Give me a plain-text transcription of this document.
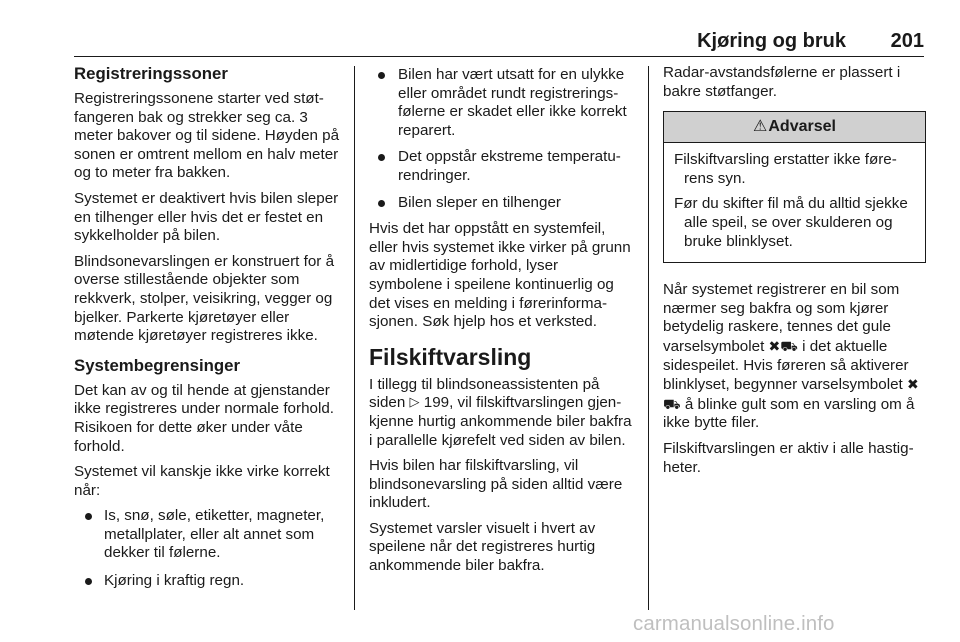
Kjøring og bruk 201
Registreringssoner

Registreringssonene starter ved støt-fangeren bak og strekker seg ca. 3 meter bakover og til sidene. Høyden på sonen er omtrent mellom en halv meter og to meter fra bakken.

Systemet er deaktivert hvis bilen sleper en tilhenger eller hvis det er festet en sykkelholder på bilen.

Blindsonevarslingen er konstruert for å overse stillestående objekter som rekkverk, stolper, veisikring, vegger og bjelker. Parkerte kjøretøyer eller møtende kjøretøyer registreres ikke.

Systembegrensinger

Det kan av og til hende at gjenstander ikke registreres under normale forhold. Risikoen for dette øker under våte forhold.

Systemet vil kanskje ikke virke korrekt når:

Is, snø, søle, etiketter, magneter, metallplater, eller alt annet som dekker til følerne.
Kjøring i kraftig regn.
Bilen har vært utsatt for en ulykke eller området rundt registrerings-følerne er skadet eller ikke korrekt reparert.
Det oppstår ekstreme temperatu-rendringer.
Bilen sleper en tilhenger

Hvis det har oppstått en systemfeil, eller hvis systemet ikke virker på grunn av midlertidige forhold, lyser symbolene i speilene kontinuerlig og det vises en melding i førerinforma-sjonen. Søk hjelp hos et verksted.

Filskiftvarsling

I tillegg til blindsoneassistenten på siden ▷ 199, vil filskiftvarslingen gjen-kjenne hurtig ankommende biler bakfra i parallelle kjørefelt ved siden av bilen.

Hvis bilen har filskiftvarsling, vil blindsonevarsling på siden alltid være inkludert.

Systemet varsler visuelt i hvert av speilene når det registreres hurtig ankommende biler bakfra.

Radar-avstandsfølerne er plassert i bakre støtfanger.

⚠Advarsel

Filskiftvarsling erstatter ikke føre-rens syn.

Før du skifter fil må du alltid sjekke alle speil, se over skulderen og bruke blinklyset.

Når systemet registrerer en bil som nærmer seg bakfra og som kjører betydelig raskere, tennes det gule varselsymbolet ✖⛟ i det aktuelle sidespeilet. Hvis føreren så aktiverer blinklyset, begynner varselsymbolet ✖⛟ å blinke gult som en varsling om å ikke bytte filer.

Filskiftvarslingen er aktiv i alle hastig-heter.

carmanualsonline.info
